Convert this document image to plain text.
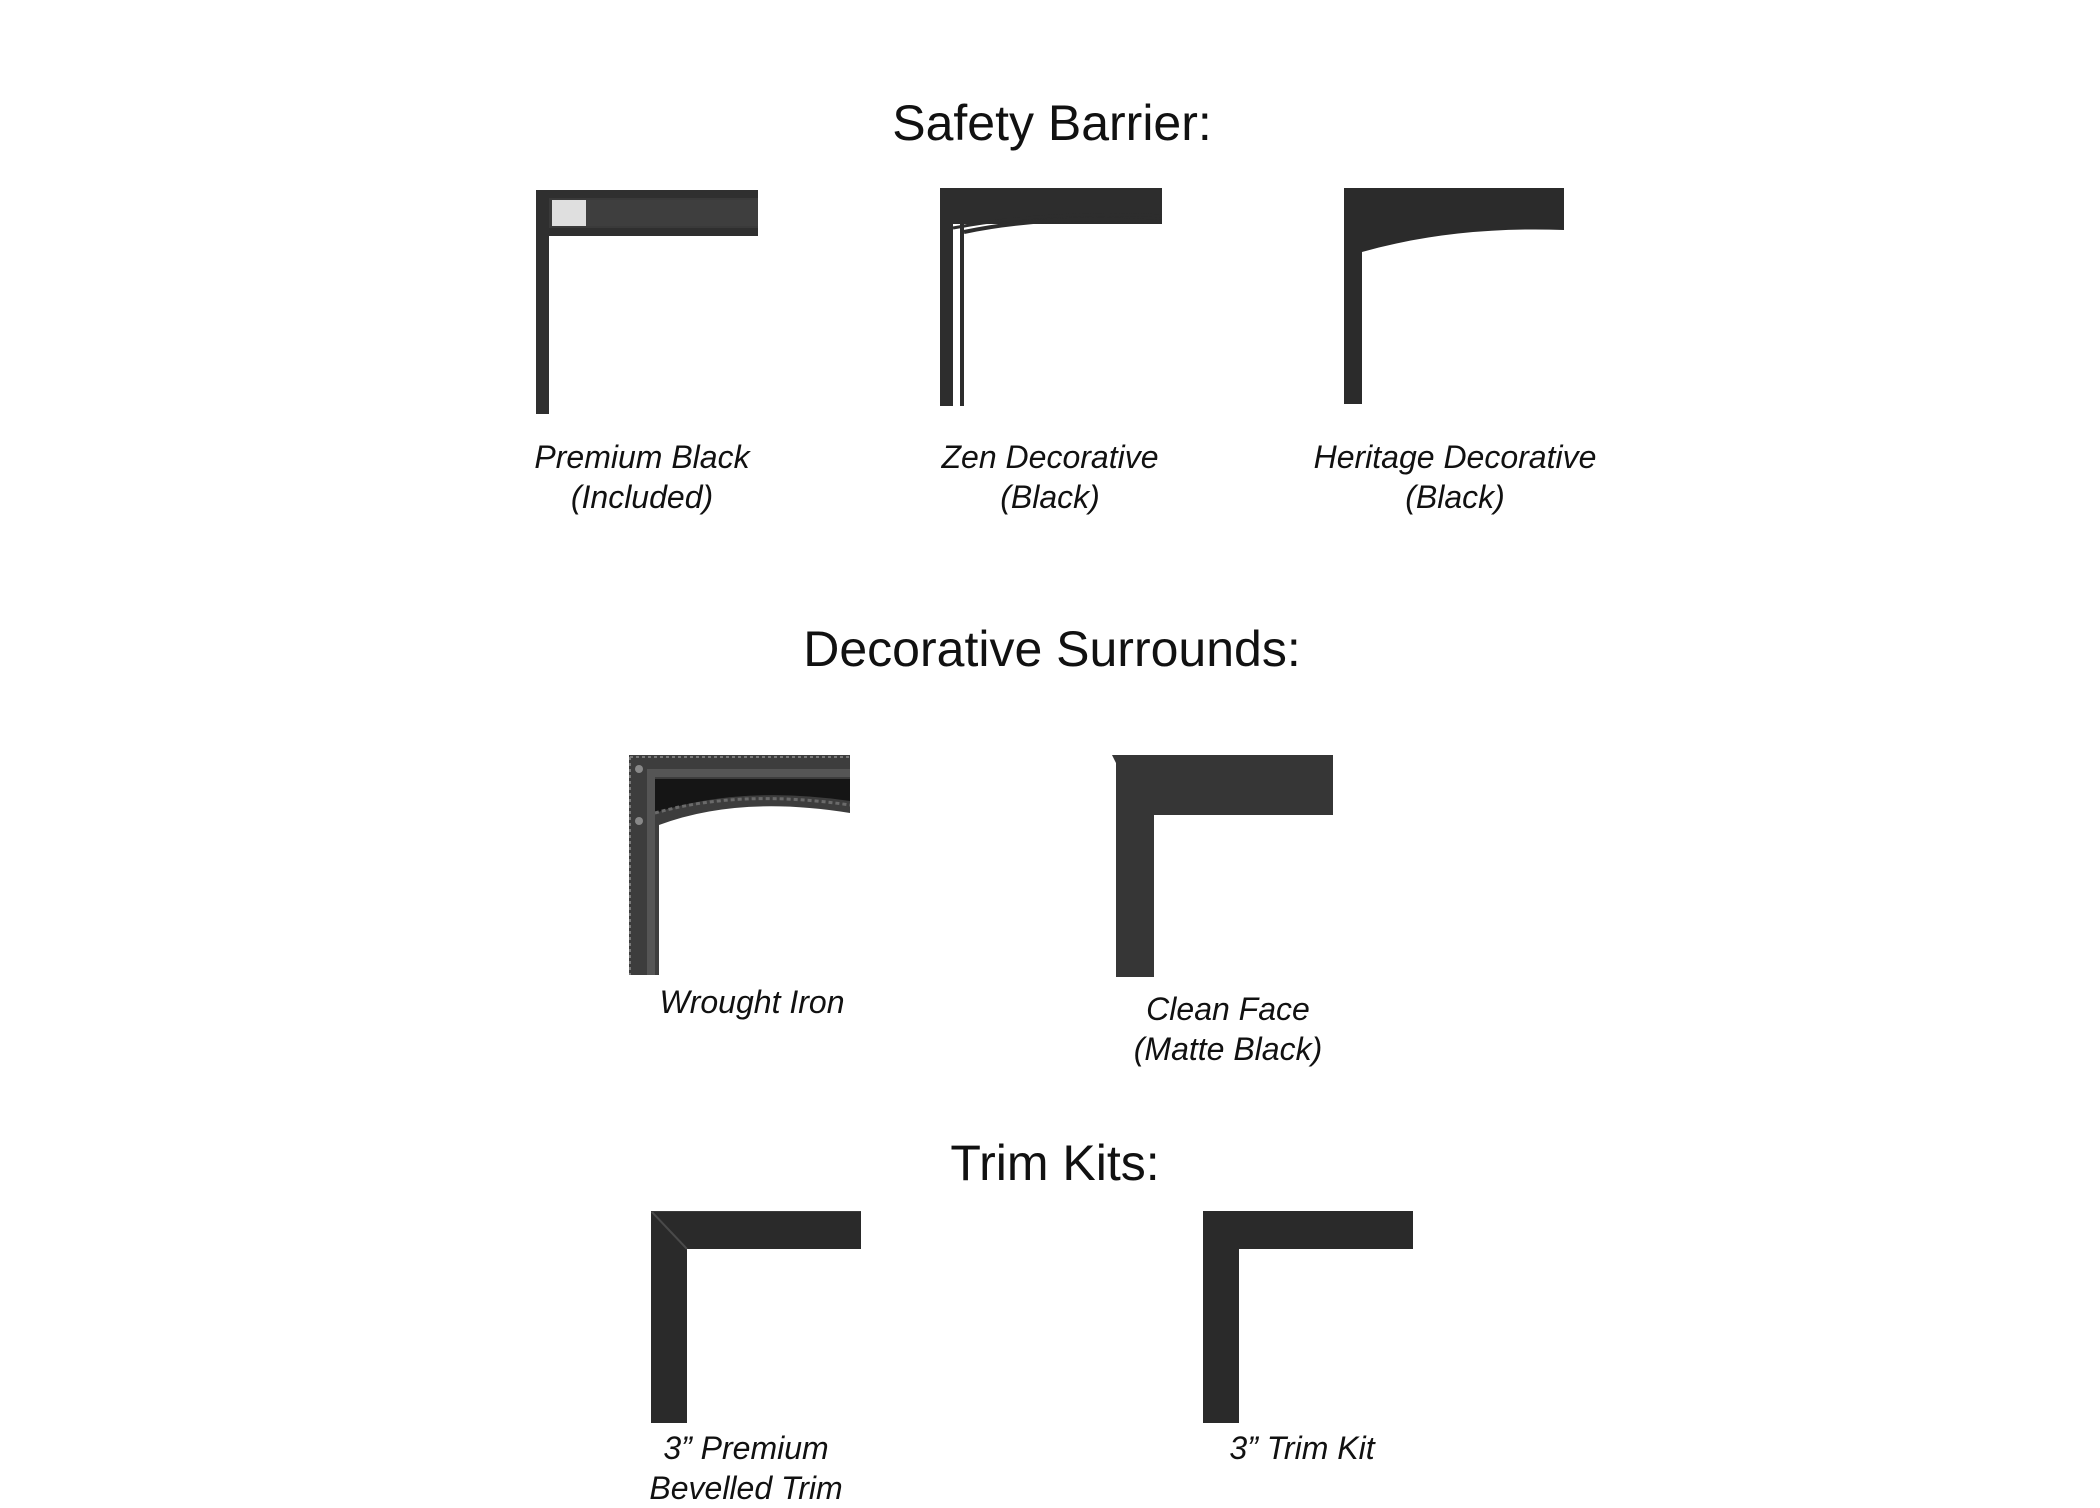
Safety Barrier:

Premium Black
(Included)

Zen Decorative
(Black)

Heritage Decorative
(Black)

Decorative Surrounds:

Wrought Iron	Clean Face
(Matte Black)

Trim Kits:

3” Premium
Bevelled Trim

3” Trim Kit
